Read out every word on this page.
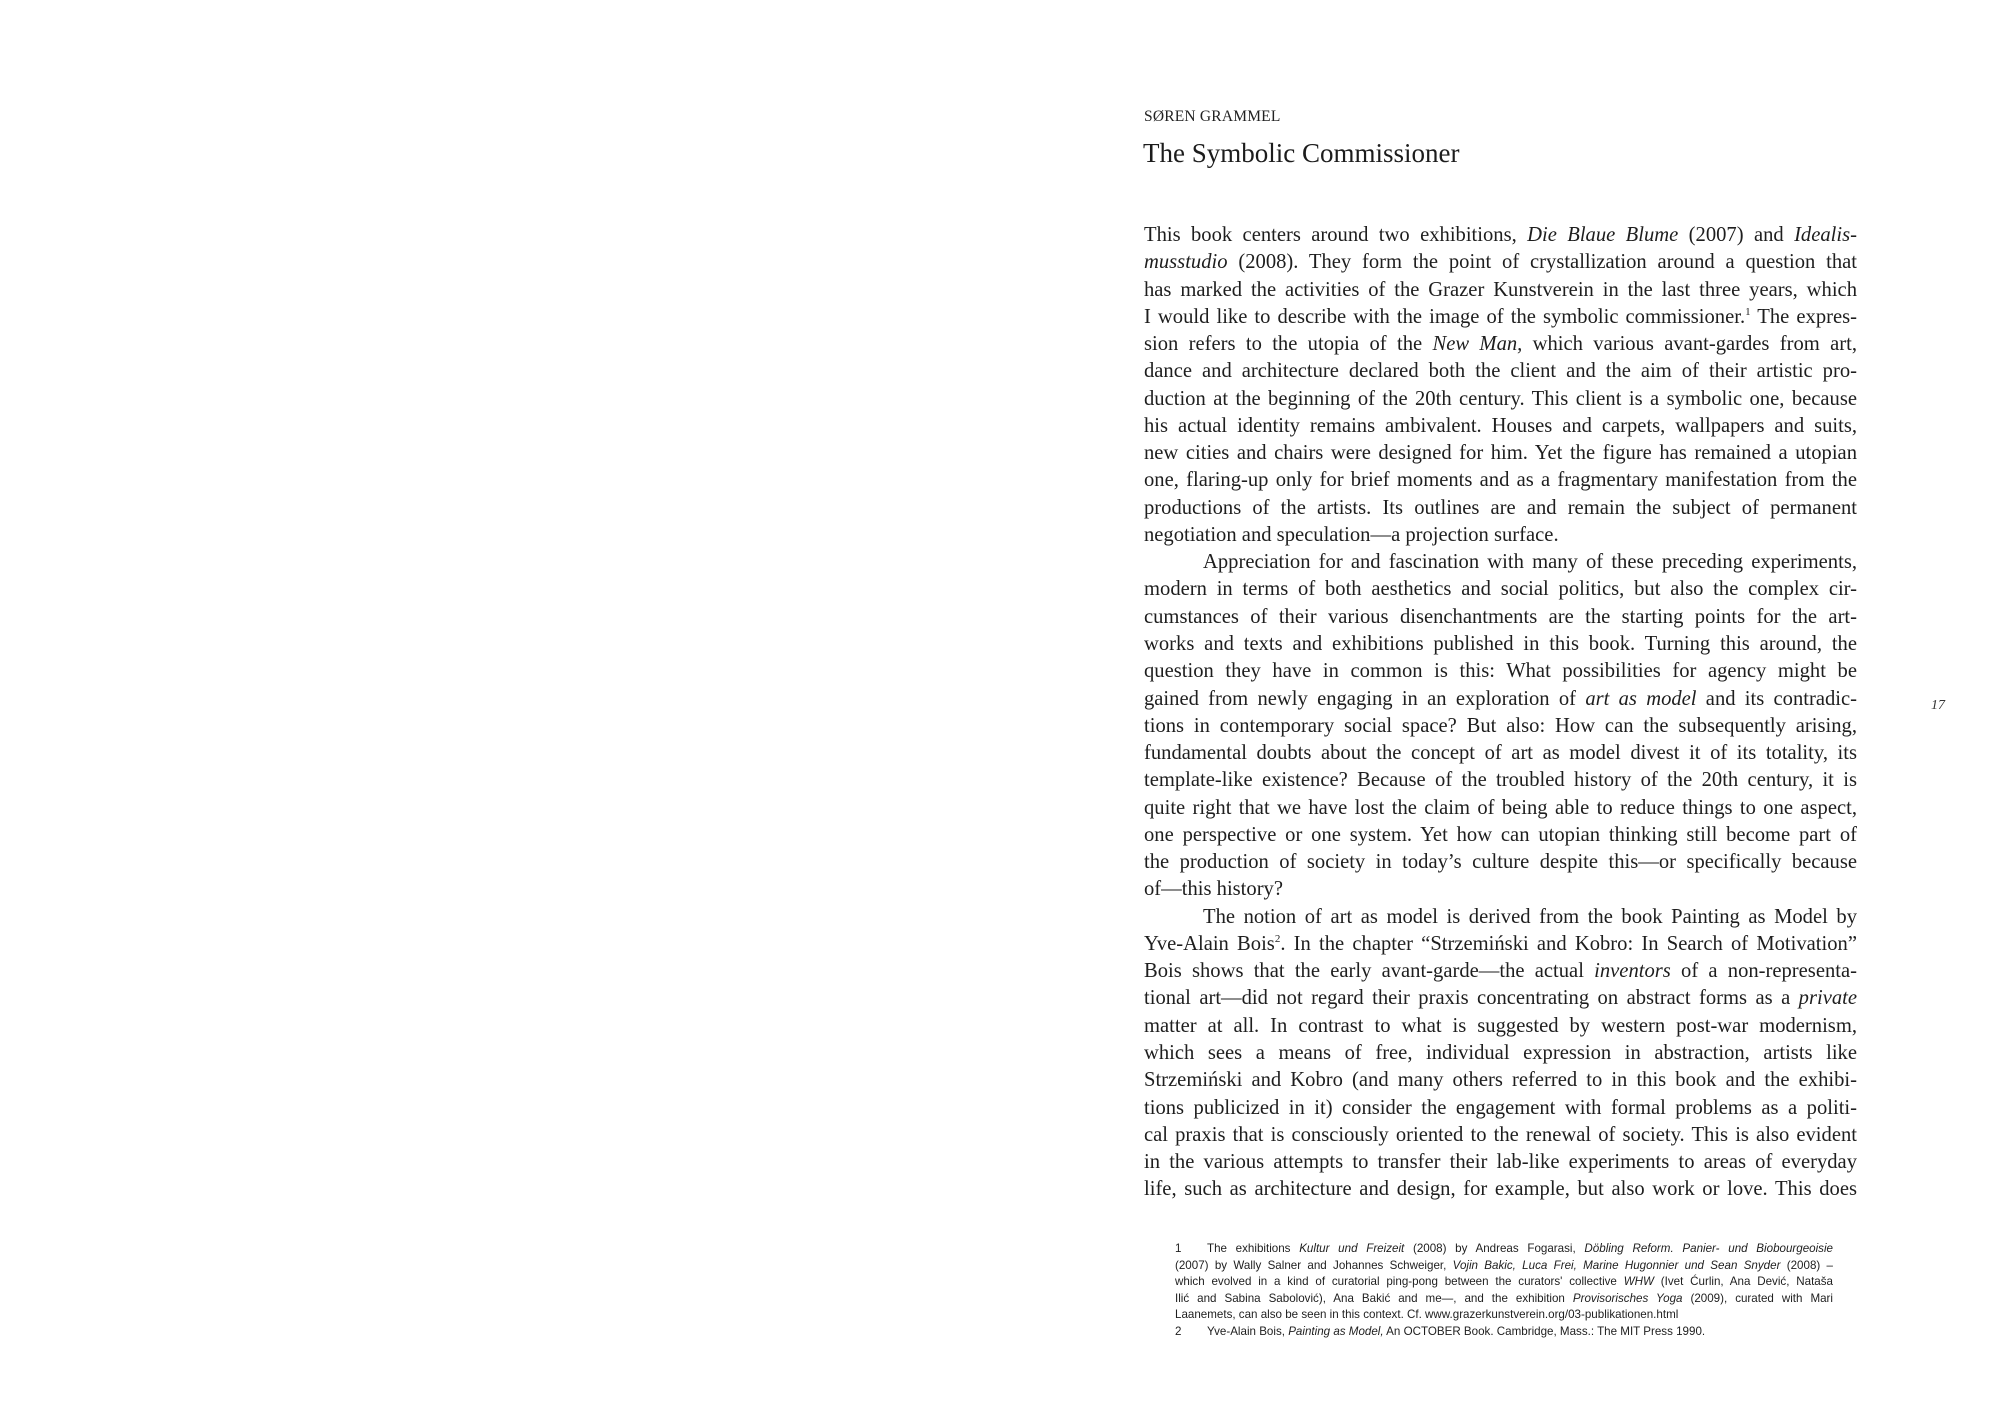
SØREN GRAMMEL
The Symbolic Commissioner
This book centers around two exhibitions, Die Blaue Blume (2007) and Idealis-
musstudio (2008). They form the point of crystallization around a question that
has marked the activities of the Grazer Kunstverein in the last three years, which
I would like to describe with the image of the symbolic commissioner.$^1$ The expres-
sion refers to the utopia of the New Man, which various avant-gardes from art,
dance and architecture declared both the client and the aim of their artistic pro-
duction at the beginning of the 20th century. This client is a symbolic one, because
his actual identity remains ambivalent. Houses and carpets, wallpapers and suits,
new cities and chairs were designed for him. Yet the figure has remained a utopian
one, flaring-up only for brief moments and as a fragmentary manifestation from the
productions of the artists. Its outlines are and remain the subject of permanent
negotiation and speculation—a projection surface.
Appreciation for and fascination with many of these preceding experiments,
modern in terms of both aesthetics and social politics, but also the complex cir-
cumstances of their various disenchantments are the starting points for the art-
works and texts and exhibitions published in this book. Turning this around, the
question they have in common is this: What possibilities for agency might be
gained from newly engaging in an exploration of art as model and its contradic-
tions in contemporary social space? But also: How can the subsequently arising,
fundamental doubts about the concept of art as model divest it of its totality, its
template-like existence? Because of the troubled history of the 20th century, it is
quite right that we have lost the claim of being able to reduce things to one aspect,
one perspective or one system. Yet how can utopian thinking still become part of
the production of society in today’s culture despite this—or specifically because
of—this history?
The notion of art as model is derived from the book Painting as Model by
Yve-Alain Bois$^2$. In the chapter “Strzemiński and Kobro: In Search of Motivation”
Bois shows that the early avant-garde—the actual inventors of a non-representa-
tional art—did not regard their praxis concentrating on abstract forms as a private
matter at all. In contrast to what is suggested by western post-war modernism,
which sees a means of free, individual expression in abstraction, artists like
Strzemiński and Kobro (and many others referred to in this book and the exhibi-
tions publicized in it) consider the engagement with formal problems as a politi-
cal praxis that is consciously oriented to the renewal of society. This is also evident
in the various attempts to transfer their lab-like experiments to areas of everyday
life, such as architecture and design, for example, but also work or love. This does
1 The exhibitions Kultur und Freizeit (2008) by Andreas Fogarasi, Döbling Reform. Panier- und Biobourgeoisie
(2007) by Wally Salner and Johannes Schweiger, Vojin Bakic, Luca Frei, Marine Hugonnier und Sean Snyder (2008) –
which evolved in a kind of curatorial ping-pong between the curators' collective WHW (Ivet Ćurlin, Ana Dević, Nataša
Ilić and Sabina Sabolović), Ana Bakić and me—, and the exhibition Provisorisches Yoga (2009), curated with Mari
Laanemets, can also be seen in this context. Cf. www.grazerkunstverein.org/03-publikationen.html
2 Yve-Alain Bois, Painting as Model, An OCTOBER Book. Cambridge, Mass.: The MIT Press 1990.
17
